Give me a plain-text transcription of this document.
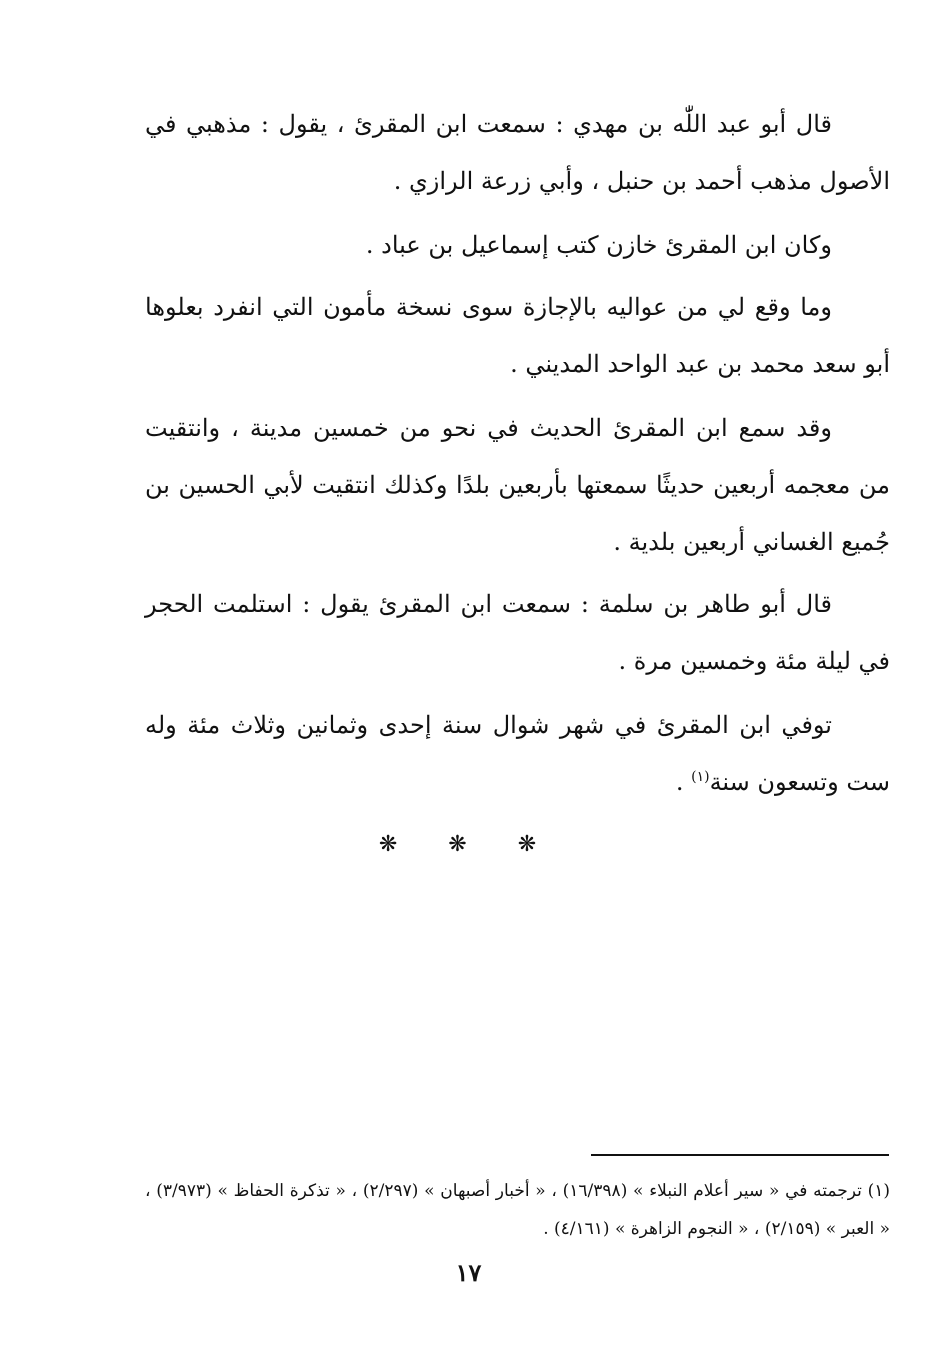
قال أبو عبد اللّٰه بن مهدي : سمعت ابن المقرئ ، يقول : مذهبي في الأصول مذهب أحمد بن حنبل ، وأبي زرعة الرازي .

وكان ابن المقرئ خازن كتب إسماعيل بن عباد .

وما وقع لي من عواليه بالإجازة سوى نسخة مأمون التي انفرد بعلوها أبو سعد محمد بن عبد الواحد المديني .

وقد سمع ابن المقرئ الحديث في نحو من خمسين مدينة ، وانتقيت من معجمه أربعين حديثًا سمعتها بأربعين بلدًا وكذلك انتقيت لأبي الحسين بن جُميع الغساني أربعين بلدية .

قال أبو طاهر بن سلمة : سمعت ابن المقرئ يقول : استلمت الحجر في ليلة مئة وخمسين مرة .

توفي ابن المقرئ في شهر شوال سنة إحدى وثمانين وثلاث مئة وله ست وتسعون سنة$^{(١)}$ .

❋ ❋ ❋

(١) ترجمته في « سير أعلام النبلاء » (١٦/٣٩٨) ، « أخبار أصبهان » (٢/٢٩٧) ، « تذكرة الحفاظ » (٣/٩٧٣) ، « العبر » (٢/١٥٩) ، « النجوم الزاهرة » (٤/١٦١) .

١٧
